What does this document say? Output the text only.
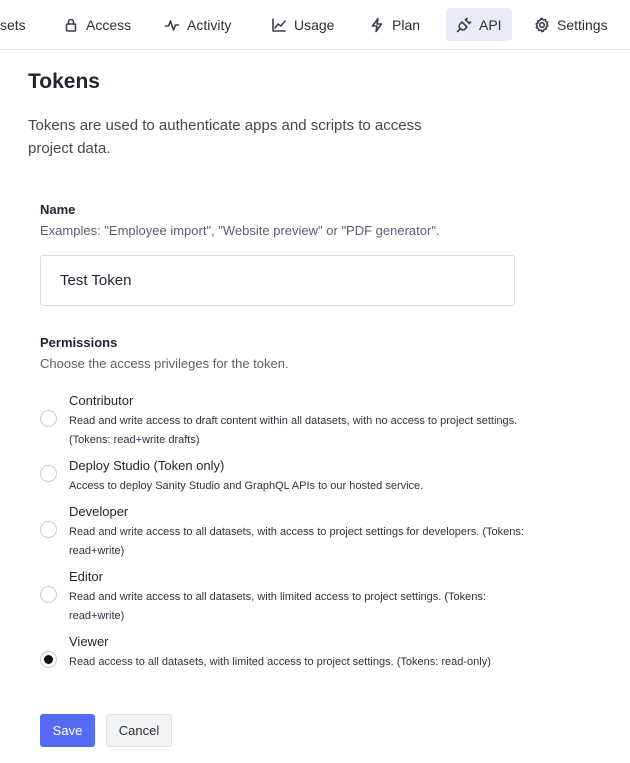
sets	Access	Activity	Usage	Plan	API	Settings
Tokens

Tokens are used to authenticate apps and scripts to access project data.

Name
Examples: "Employee import", "Website preview" or "PDF generator".
Test Token
Permissions
Choose the access privileges for the token.
Contributor
Read and write access to draft content within all datasets, with no access to project settings. (Tokens: read+write drafts)
Deploy Studio (Token only)
Access to deploy Sanity Studio and GraphQL APIs to our hosted service.
Developer
Read and write access to all datasets, with access to project settings for developers. (Tokens: read+write)
Editor
Read and write access to all datasets, with limited access to project settings. (Tokens: read+write)
Viewer
Read access to all datasets, with limited access to project settings. (Tokens: read-only)
Save	Cancel
